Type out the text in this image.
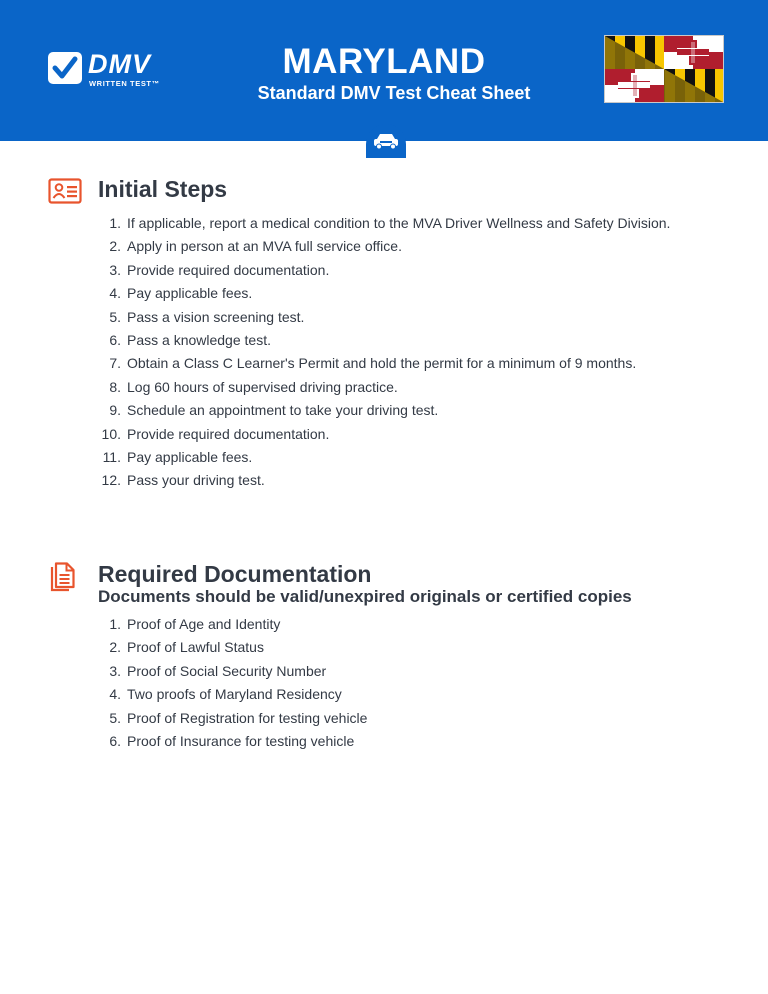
DMV
WRITTEN TEST™
MARYLAND
Standard DMV Test Cheat Sheet
Initial Steps
1. If applicable, report a medical condition to the MVA Driver Wellness and Safety Division.
2. Apply in person at an MVA full service office.
3. Provide required documentation.
4. Pay applicable fees.
5. Pass a vision screening test.
6. Pass a knowledge test.
7. Obtain a Class C Learner's Permit and hold the permit for a minimum of 9 months.
8. Log 60 hours of supervised driving practice.
9. Schedule an appointment to take your driving test.
10. Provide required documentation.
11. Pay applicable fees.
12. Pass your driving test.
Required Documentation
Documents should be valid/unexpired originals or certified copies
1. Proof of Age and Identity
2. Proof of Lawful Status
3. Proof of Social Security Number
4. Two proofs of Maryland Residency
5. Proof of Registration for testing vehicle
6. Proof of Insurance for testing vehicle
